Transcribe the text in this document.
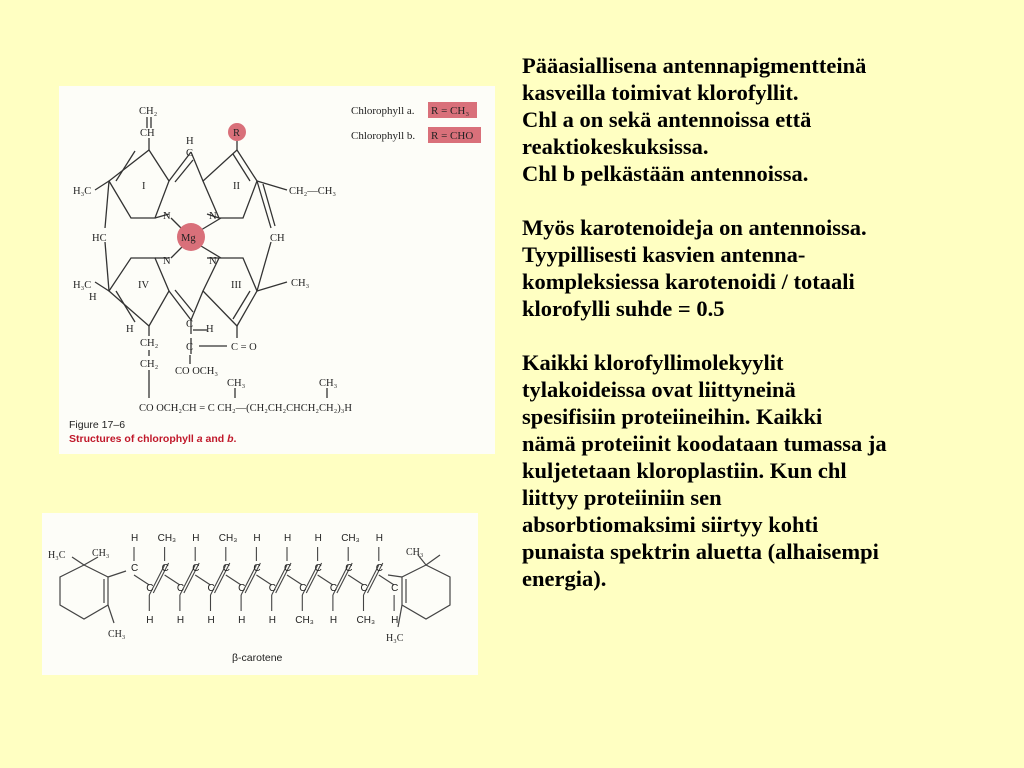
CH₂
CH
H
C
R
H₃C	I	II	CH₂—CH₃
N	N
Mg
N	N
HC	CH
H₃C
H
IV	III	CH₃
C H
H
CH₂
CH₂
C	C = O
CO OCH₃
CH₃	CH₃
CO OCH₂CH = C CH₂—(CH₂CH₂CHCH₂CH₂)₃H
Chlorophyll a. R = CH₃
Chlorophyll b. R = CHO
Figure 17–6
Structures of chlorophyll a and b.
C
C
C
C
C
C
C
C
C
C
C
C
C
C
C
C
C
C
H CH₃ H CH₃ H H H CH₃ H
H H H H H CH₃ H CH₃ H
H₃C	CH₃
CH₃
CH₃
H₃C
β-carotene

Pääasiallisena antennapigmentteinä
kasveilla toimivat klorofyllit.
Chl a on sekä antennoissa että
reaktiokeskuksissa.
Chl b pelkästään antennoissa.

Myös karotenoideja on antennoissa.
Tyypillisesti kasvien antenna-
kompleksiessa karotenoidi / totaali
klorofylli suhde = 0.5

Kaikki klorofyllimolekyylit
tylakoideissa ovat liittyneinä
spesifisiin proteiineihin. Kaikki
nämä proteiinit koodataan tumassa ja
kuljetetaan kloroplastiin. Kun chl
liittyy proteiiniin sen
absorbtiomaksimi siirtyy kohti
punaista spektrin aluetta (alhaisempi
energia).
